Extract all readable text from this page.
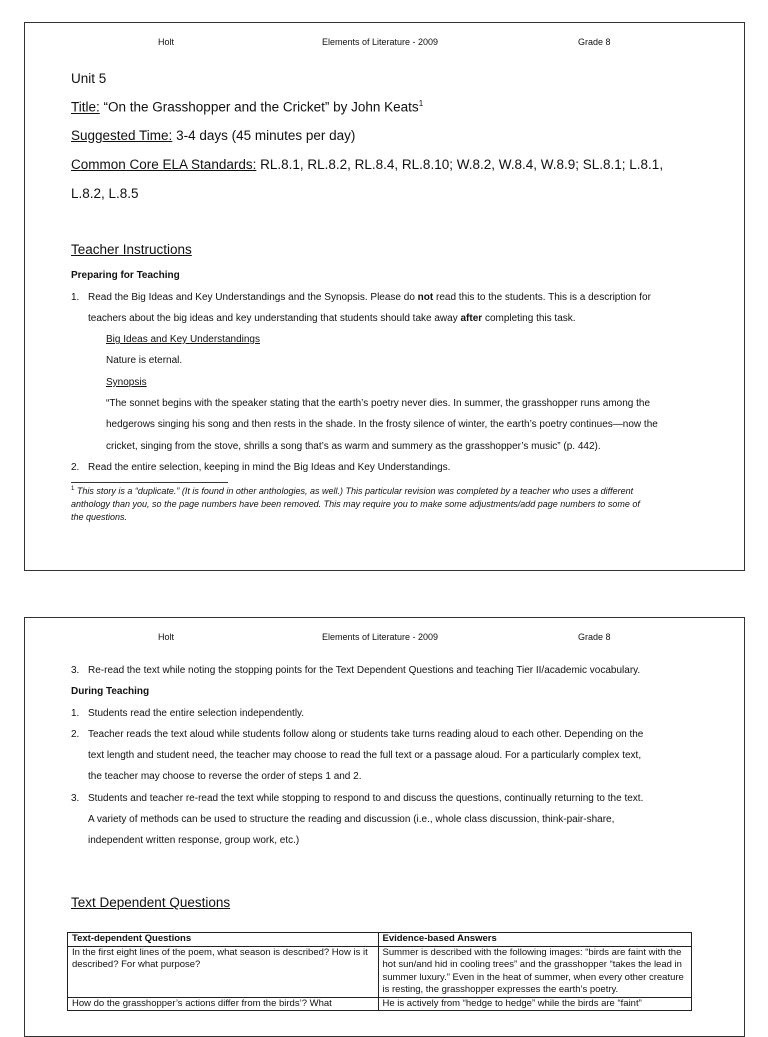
Holt	Elements of Literature - 2009	Grade 8
Unit 5
Title: “On the Grasshopper and the Cricket” by John Keats$^1$
Suggested Time: 3-4 days (45 minutes per day)
Common Core ELA Standards: RL.8.1, RL.8.2, RL.8.4, RL.8.10; W.8.2, W.8.4, W.8.9; SL.8.1; L.8.1,
L.8.2, L.8.5
Teacher Instructions
Preparing for Teaching
1. Read the Big Ideas and Key Understandings and the Synopsis. Please do not read this to the students. This is a description for
teachers about the big ideas and key understanding that students should take away after completing this task.
Big Ideas and Key Understandings
Nature is eternal.
Synopsis
“The sonnet begins with the speaker stating that the earth’s poetry never dies. In summer, the grasshopper runs among the
hedgerows singing his song and then rests in the shade. In the frosty silence of winter, the earth’s poetry continues—now the
cricket, singing from the stove, shrills a song that’s as warm and summery as the grasshopper’s music” (p. 442).
2. Read the entire selection, keeping in mind the Big Ideas and Key Understandings.
$^1$ This story is a “duplicate.” (It is found in other anthologies, as well.) This particular revision was completed by a teacher who uses a different
anthology than you, so the page numbers have been removed. This may require you to make some adjustments/add page numbers to some of
the questions.
Holt	Elements of Literature - 2009	Grade 8
3. Re-read the text while noting the stopping points for the Text Dependent Questions and teaching Tier II/academic vocabulary.
During Teaching
1. Students read the entire selection independently.
2. Teacher reads the text aloud while students follow along or students take turns reading aloud to each other. Depending on the
text length and student need, the teacher may choose to read the full text or a passage aloud. For a particularly complex text,
the teacher may choose to reverse the order of steps 1 and 2.
3. Students and teacher re-read the text while stopping to respond to and discuss the questions, continually returning to the text.
A variety of methods can be used to structure the reading and discussion (i.e., whole class discussion, think-pair-share,
independent written response, group work, etc.)
Text Dependent Questions
Text-dependent Questions	Evidence-based Answers
In the first eight lines of the poem, what season is described? How is it described? For what purpose?	Summer is described with the following images: “birds are faint with the hot sun/and hid in cooling trees” and the grasshopper “takes the lead in summer luxury.” Even in the heat of summer, when every other creature is resting, the grasshopper expresses the earth’s poetry.
How do the grasshopper’s actions differ from the birds’? What	He is actively from “hedge to hedge” while the birds are “faint”
